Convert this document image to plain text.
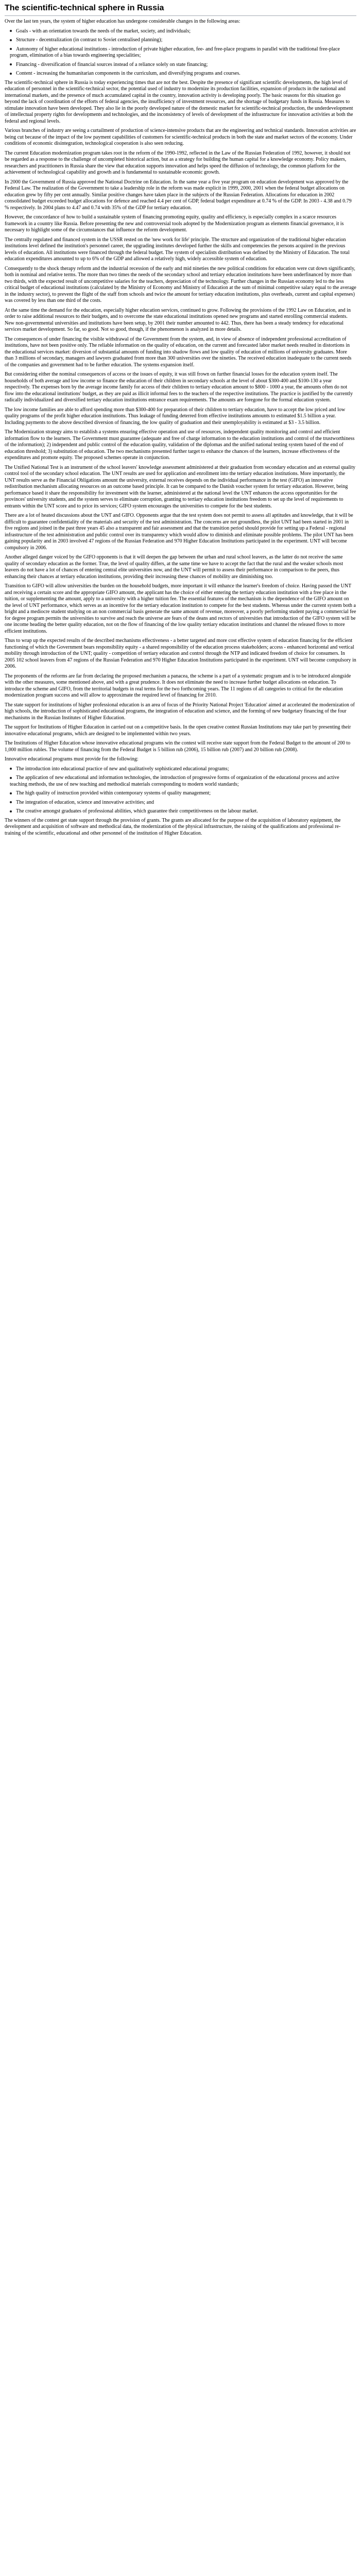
The scientific-technical sphere in Russia

Over the last ten years, the system of higher education has undergone considerable changes in the following areas:

Goals - with an orientation towards the needs of the market, society, and individuals;
Structure - decentralization (in contrast to Soviet centralised planning);
Autonomy of higher educational institutions - introduction of private higher education, fee- and free-place programs in parallel with the traditional free-place program, elimination of a bias towards engineering specialities;
Financing - diversification of financial sources instead of a reliance solely on state financing;
Content - increasing the humanitarian components in the curriculum, and diversifying programs and courses.

The scientific-technical sphere in Russia is today experiencing times that are not the best. Despite the presence of significant scientific developments, the high level of education of personnel in the scientific-technical sector, the potential used of industry to modernize its production facilities, expansion of products in the national and international markets, and the presence of much accumulated capital in the country, innovation activity is developing poorly. The basic reasons for this situation go beyond the lack of coordination of the efforts of federal agencies, the insufficiency of investment resources, and the shortage of budgetary funds in Russia. Measures to stimulate innovation have been developed. They also lie in the poorly developed nature of the domestic market for scientific-technical production, the underdevelopment of intellectual property rights for developments and technologies, and the inconsistency of levels of development of the infrastructure for innovation activities at both the federal and regional levels.

Various branches of industry are seeing a curtailment of production of science-intensive products that are the engineering and technical standards. Innovation activities are being cut because of the impact of the low payment capabilities of customers for scientific-technical products in both the state and market sectors of the economy. Under conditions of economic disintegration, technological cooperation is also seen reducing.

The current Education modernization program takes root in the reform of the 1990-1992, reflected in the Law of the Russian Federation of 1992, however, it should not be regarded as a response to the challenge of uncompleted historical action, but as a strategy for building the human capital for a knowledge economy. Policy makers, researchers and practitioners in Russia share the view that education supports innovation and helps speed the diffusion of technology, the common platform for the achievement of technological capability and growth and is fundamental to sustainable economic growth.

In 2000 the Government of Russia approved the National Doctrine on Education. In the same year a five year program on education development was approved by the Federal Law. The realization of the Government to take a leadership role in the reform was made explicit in 1999, 2000, 2001 when the federal budget allocations on education grew by fifty per cent annually. Similar positive changes have taken place in the subjects of the Russian Federation. Allocations for education in 2002 consolidated budget exceeded budget allocations for defence and reached 4.4 per cent of GDP, federal budget expenditure at 0.74 % of the GDP. In 2003 - 4.38 and 0.79 % respectively. In 2004 plans to 4.47 and 0.74 with 35% of the GDP for tertiary education.

However, the concordance of how to build a sustainable system of financing promoting equity, quality and efficiency, is especially complex in a scarce resources framework in a country like Russia. Before presenting the new and controversial tools adopted by the Modernization program as elements financial governance, it is necessary to highlight some of the circumstances that influence the reform development.

The centrally regulated and financed system in the USSR rested on the 'new work for life' principle. The structure and organization of the traditional higher education institutions level defined the institution's personnel career, the upgrading institutes developed further the skills and competencies the persons acquired in the previous levels of education. All institutions were financed through the federal budget. The system of specialists distribution was defined by the Ministry of Education. The total education expenditures amounted to up to 6% of the GDP and allowed a relatively high, widely accessible system of education.

Consequently to the shock therapy reform and the industrial recession of the early and mid nineties the new political conditions for education were cut down significantly, both in nominal and relative terms. The more than two times the needs of the secondary school and tertiary education institutions have been underfinanced by more than two thirds, with the expected result of uncompetitive salaries for the teachers, depreciation of the technology. Further changes in the Russian economy led to the less critical budget of educational institutions (calculated by the Ministry of Economy and Ministry of Education at the sum of minimal competitive salary equal to the average in the industry sector), to prevent the flight of the staff from schools and twice the amount for tertiary education institutions, plus overheads, current and capital expenses) was covered by less than one third of the costs.

At the same time the demand for the education, especially higher education services, continued to grow. Following the provisions of the 1992 Law on Education, and in order to raise additional resources to their budgets, and to overcome the state educational institutions opened new programs and started enrolling commercial students. New non-governmental universities and institutions have been setup, by 2001 their number amounted to 442. Thus, there has been a steady tendency for educational services market development. So far, so good. Not so good, though, if the phenomenon is analyzed in more details.

The consequences of under financing the visible withdrawal of the Government from the system, and, in view of absence of independent professional accreditation of institutions, have not been positive only. The reliable information on the quality of education, on the current and forecasted labor market needs resulted in distortions in the educational services market: diversion of substantial amounts of funding into shadow flows and low quality of education of millions of university graduates. More than 3 millions of secondary, managers and lawyers graduated from more than 300 universities over the nineties. The received education inadequate to the current needs of the companies and government had to be further education. The systems expansion itself.

But considering either the nominal consequences of access or the issues of equity, it was still frown on further financial losses for the education system itself. The households of both average and low income so finance the education of their children in secondary schools at the level of about $300-400 and $100-130 a year respectively. The expenses born by the average income family for access of their children to tertiary education amount to $800 - 1000 a year, the amounts often do not flow into the educational institutions' budget, as they are paid as illicit informal fees to the teachers of the respective institutions. The practice is justified by the currently radically individualized and diversified tertiary education institutions entrance exam requirements. The amounts are foregone for the formal education system.

The low income families are able to afford spending more than $300-400 for preparation of their children to tertiary education, have to accept the low priced and low quality programs of the profit higher education institutions. Thus leakage of funding deterred from effective institutions amounts to estimated $1.5 billion a year. Including payments to the above described diversion of financing, the low quality of graduation and their unemployability is estimated at $3 - 3.5 billion.

The Modernization strategy aims to establish a systems ensuring effective operation and use of resources, independent quality monitoring and control and efficient information flow to the learners. The Government must guarantee (adequate and free of charge information to the education institutions and control of the trustworthiness of the information); 2) independent and public control of the education quality, validation of the diplomas and the unified national testing system based of the end of education threshold; 3) substitution of education. The two mechanisms presented further target to enhance the chances of the learners, increase effectiveness of the expenditures and promote equity. The proposed schemes operate in conjunction.

The Unified National Test is an instrument of the school leavers' knowledge assessment administered at their graduation from secondary education and an external quality control tool of the secondary school education. The UNT results are used for application and enrollment into the tertiary education institutions. More importantly, the UNT results serve as the Financial Obligations amount the university, external receives depends on the individual performance in the test (GIFO) an innovative redistribution mechanism allocating resources on an outcome based principle. It can be compared to the Danish voucher system for tertiary education. However, being performance based it share the responsibility for investment with the learner, administered at the national level the UNT enhances the access opportunities for the provinces' university students, and the system serves to eliminate corruption, granting to tertiary education institutions freedom to set up the level of requirements to entrants within the UNT score and to price its services; GIFO system encourages the universities to compete for the best students.

There are a lot of heated discussions about the UNT and GIFO. Opponents argue that the test system does not permit to assess all aptitudes and knowledge, that it will be difficult to guarantee confidentiality of the materials and security of the test administration. The concerns are not groundless, the pilot UNT had been started in 2001 in five regions and joined in the past three years 45 also a transparent and fair assessment and that the transition period should provide for setting up a Federal - regional infrastructure of the test administration and public control over its transparency which would allow to diminish and eliminate possible problems. The pilot UNT has been gaining popularity and in 2003 involved 47 regions of the Russian Federation and 970 Higher Education Institutions participated in the experiment. UNT will become compulsory in 2006.

Another alleged danger voiced by the GIFO opponents is that it will deepen the gap between the urban and rural school leavers, as the latter do not receive the same quality of secondary education as the former. True, the level of quality differs, at the same time we have to accept the fact that the rural and the weaker schools most leavers do not have a lot of chances of entering central elite universities now, and the UNT will permit to assess their performance in comparison to the peers, thus enhancing their chances at tertiary education institutions, providing their increasing these chances of mobility are diminishing too.

Transition to GIFO will allow universities the burden on the household budgets, more important it will enhance the learner's freedom of choice. Having passed the UNT and receiving a certain score and the appropriate GIFO amount, the applicant has the choice of either entering the tertiary education institution with a free place in the tuition, or supplementing the amount, apply to a university with a higher tuition fee. The essential features of the mechanism is the dependence of the GIFO amount on the level of UNT performance, which serves as an incentive for the tertiary education institution to compete for the best students. Whereas under the current system both a bright and a mediocre student studying on an non commercial basis generate the same amount of revenue, moreover, a poorly performing student paying a commercial fee for degree program permits the universities to survive and reach the universe are fears of the deans and rectors of universities that introduction of the GIFO system will be one income heading the better quality education, not on the flow of financing of the low quality tertiary education institutions and channel the released flows to more efficient institutions.

Thus to wrap up the expected results of the described mechanisms effectiveness - a better targeted and more cost effective system of education financing for the efficient functioning of which the Government bears responsibility equity - a shared responsibility of the education process stakeholders; access - enhanced horizontal and vertical mobility through introduction of the UNT; quality - competition of tertiary education and control through the NTP and indicated freedom of choice for consumers. In 2005 102 school leavers from 47 regions of the Russian Federation and 970 Higher Education Institutions participated in the experiment. UNT will become compulsory in 2006.

The proponents of the reforms are far from declaring the proposed mechanism a panacea, the scheme is a part of a systematic program and is to be introduced alongside with the other measures, some mentioned above, and with a great prudence. It does not eliminate the need to increase further budget allocations on education. To introduce the scheme and GIFO, from the territorial budgets in real terms for the two forthcoming years. The 11 regions of all categories to critical for the education modernization program success and will allow to approximate the required level of financing for 2010.

The state support for institutions of higher professional education is an area of focus of the Priority National Project 'Education' aimed at accelerated the modernization of high schools, the introduction of sophisticated educational programs, the integration of education and science, and the forming of new budgetary financing of the four mechanisms in the Russian Institutes of Higher Education.

The support for Institutions of Higher Education in carried out on a competitive basis. In the open creative contest Russian Institutions may take part by presenting their innovative educational programs, which are designed to be implemented within two years.

The Institutions of Higher Education whose innovative educational programs win the contest will receive state support from the Federal Budget to the amount of 200 to 1,000 million rubles. The volume of financing from the Federal Budget is 5 billion rub (2006), 15 billion rub (2007) and 20 billion rub (2008).

Innovative educational programs must provide for the following:

The introduction into educational practice of new and qualitatively sophisticated educational programs;
The application of new educational and information technologies, the introduction of progressive forms of organization of the educational process and active teaching methods, the use of new teaching and methodical materials corresponding to modern world standards;
The high quality of instruction provided within contemporary systems of quality management;
The integration of education, science and innovative activities; and
The creative amongst graduates of professional abilities, which guarantee their competitiveness on the labour market.

The winners of the contest get state support through the provision of grants. The grants are allocated for the purpose of the acquisition of laboratory equipment, the development and acquisition of software and methodical data, the modernization of the physical infrastructure, the raising of the qualifications and professional re-training of the scientific, educational and other personnel of the institution of Higher Education.
